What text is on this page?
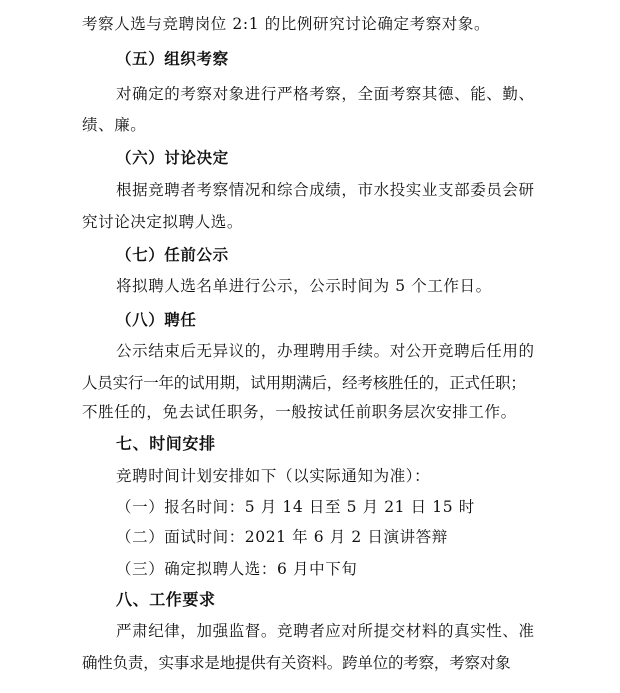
考察人选与竞聘岗位 2:1 的比例研究讨论确定考察对象。
（五）组织考察
对确定的考察对象进行严格考察，全面考察其德、能、勤、
绩、廉。
（六）讨论决定
根据竞聘者考察情况和综合成绩，市水投实业支部委员会研
究讨论决定拟聘人选。
（七）任前公示
将拟聘人选名单进行公示，公示时间为 5 个工作日。
（八）聘任
公示结束后无异议的，办理聘用手续。对公开竞聘后任用的
人员实行一年的试用期，试用期满后，经考核胜任的，正式任职；
不胜任的，免去试任职务，一般按试任前职务层次安排工作。
七、时间安排
竞聘时间计划安排如下（以实际通知为准）：
（一）报名时间：5 月 14 日至 5 月 21 日 15 时
（二）面试时间：2021 年 6 月 2 日演讲答辩
（三）确定拟聘人选：6 月中下旬
八、工作要求
严肃纪律，加强监督。竞聘者应对所提交材料的真实性、准
确性负责，实事求是地提供有关资料。跨单位的考察，考察对象
